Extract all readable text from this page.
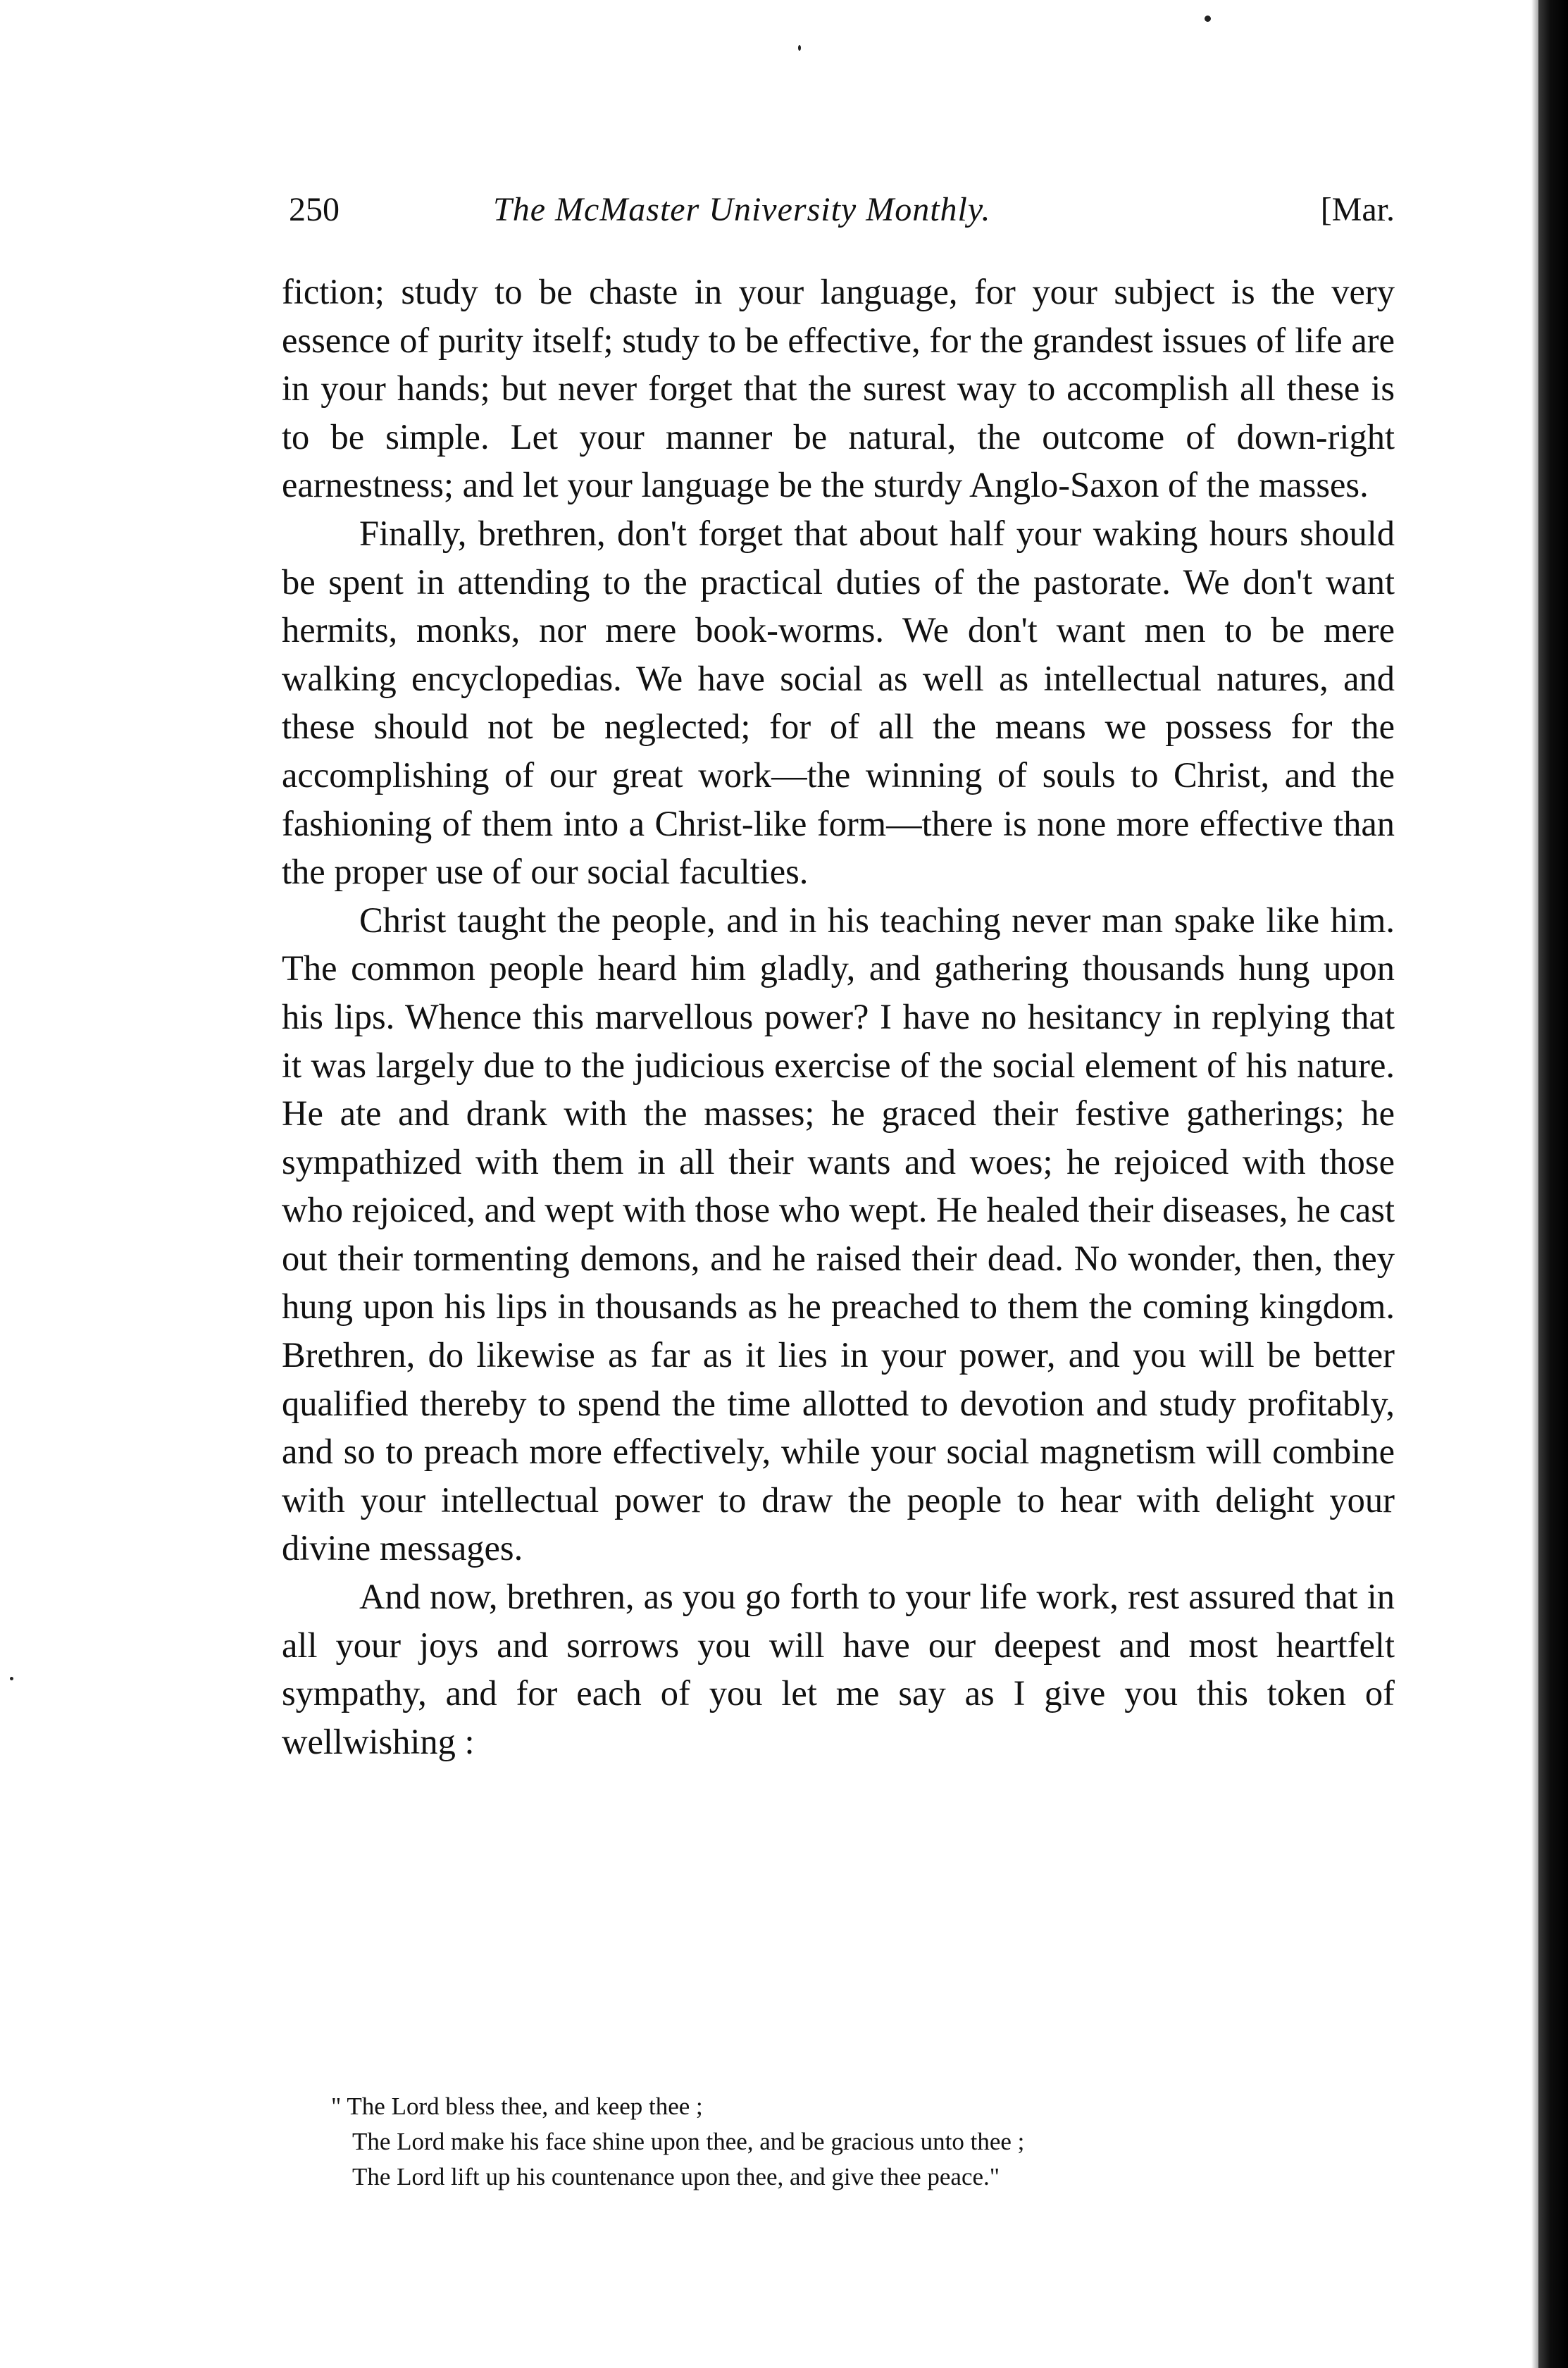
250	The McMaster University Monthly.	[Mar.

fiction; study to be chaste in your language, for your subject is the very essence of purity itself; study to be effective, for the grandest issues of life are in your hands; but never forget that the surest way to accomplish all these is to be simple. Let your manner be natural, the outcome of down-right earnestness; and let your language be the sturdy Anglo-Saxon of the masses.

Finally, brethren, don't forget that about half your waking hours should be spent in attending to the practical duties of the pastorate. We don't want hermits, monks, nor mere book-worms. We don't want men to be mere walking encyclopedias. We have social as well as intellectual natures, and these should not be neglected; for of all the means we possess for the accomplishing of our great work—the winning of souls to Christ, and the fashioning of them into a Christ-like form—there is none more effective than the proper use of our social faculties.

Christ taught the people, and in his teaching never man spake like him. The common people heard him gladly, and gathering thousands hung upon his lips. Whence this marvellous power? I have no hesitancy in replying that it was largely due to the judicious exercise of the social element of his nature. He ate and drank with the masses; he graced their festive gatherings; he sympathized with them in all their wants and woes; he rejoiced with those who rejoiced, and wept with those who wept. He healed their diseases, he cast out their tormenting demons, and he raised their dead. No wonder, then, they hung upon his lips in thousands as he preached to them the coming kingdom. Brethren, do likewise as far as it lies in your power, and you will be better qualified thereby to spend the time allotted to devotion and study profitably, and so to preach more effectively, while your social magnetism will combine with your intellectual power to draw the people to hear with delight your divine messages.

And now, brethren, as you go forth to your life work, rest assured that in all your joys and sorrows you will have our deepest and most heartfelt sympathy, and for each of you let me say as I give you this token of wellwishing :

" The Lord bless thee, and keep thee ;
The Lord make his face shine upon thee, and be gracious unto thee ;
The Lord lift up his countenance upon thee, and give thee peace."
